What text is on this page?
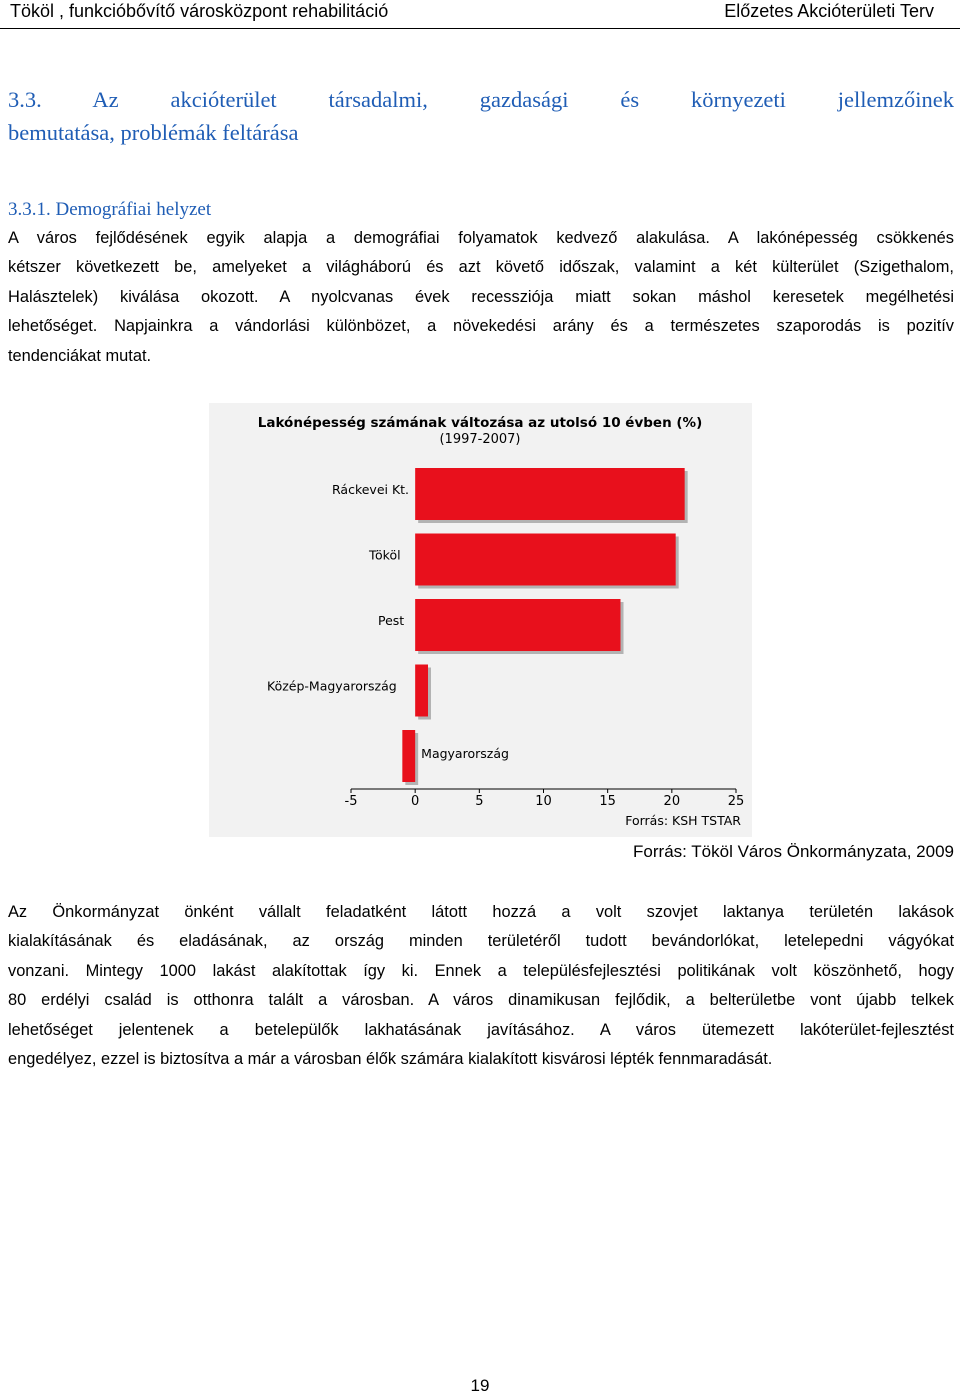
Tököl , funkcióbővítő városközpont rehabilitáció	Előzetes Akcióterületi Terv
3.3. Az akcióterület társadalmi, gazdasági és környezeti jellemzőinek
bemutatása, problémák feltárása
3.3.1. Demográfiai helyzet
A város fejlődésének egyik alapja a demográfiai folyamatok kedvező alakulása. A lakónépesség csökkenés
kétszer következett be, amelyeket a világháború és azt követő időszak, valamint a két külterület (Szigethalom,
Halásztelek) kiválása okozott. A nyolcvanas évek recessziója miatt sokan máshol keresetek megélhetési
lehetőséget. Napjainkra a vándorlási különbözet, a növekedési arány és a természetes szaporodás is pozitív
tendenciákat mutat.
Lakónépesség számának változása az utolsó 10 évben (%)
(1997-2007)
Ráckevei Kt.
Tököl
Pest
Közép-Magyarország
Magyarország
-5	0	5	10	15	20	25
Forrás: KSH TSTAR
Forrás: Tököl Város Önkormányzata, 2009
Az Önkormányzat önként vállalt feladatként látott hozzá a volt szovjet laktanya területén lakások
kialakításának és eladásának, az ország minden területéről tudott bevándorlókat, letelepedni vágyókat
vonzani. Mintegy 1000 lakást alakítottak így ki. Ennek a településfejlesztési politikának volt köszönhető, hogy
80 erdélyi család is otthonra talált a városban. A város dinamikusan fejlődik, a belterületbe vont újabb telkek
lehetőséget jelentenek a betelepülők lakhatásának javításához. A város ütemezett lakóterület-fejlesztést
engedélyez, ezzel is biztosítva a már a városban élők számára kialakított kisvárosi lépték fennmaradását.
19
